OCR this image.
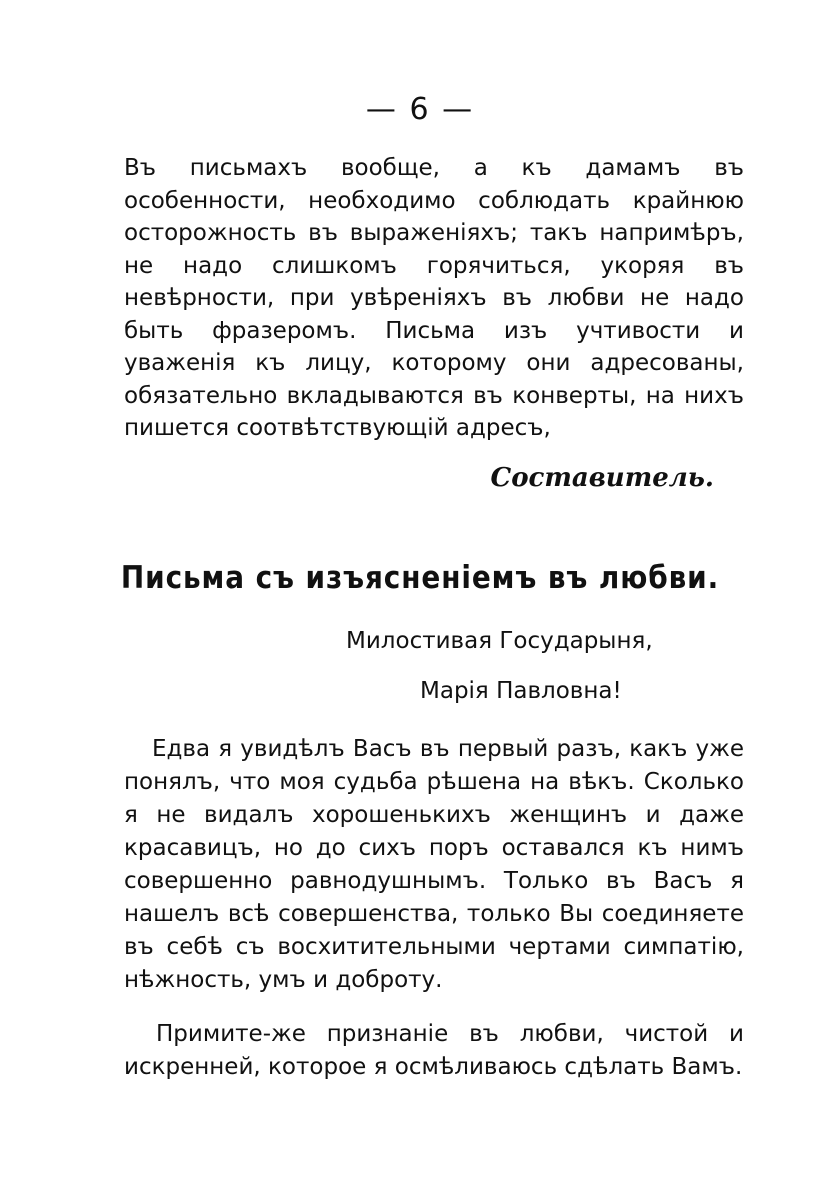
— 6 —
Въ письмахъ вообще, а къ дамамъ въ особенности, необходимо соблюдать крайнюю осторожность въ выраженіяхъ; такъ напримѣръ, не надо слишкомъ горячиться, укоряя въ невѣрности, при увѣреніяхъ въ любви не надо быть фразеромъ. Письма изъ учтивости и уваженія къ лицу, которому они адресованы, обязательно вкладываются въ конверты, на нихъ пишется соотвѣтствующій адресъ,
Составитель.
Письма съ изъясненіемъ въ любви.
Милостивая Государыня,
Марія Павловна!

Едва я увидѣлъ Васъ въ первый разъ, какъ уже понялъ, что моя судьба рѣшена на вѣкъ. Сколько я не видалъ хорошенькихъ женщинъ и даже красавицъ, но до сихъ поръ оставался къ нимъ совершенно равнодушнымъ. Только въ Васъ я нашелъ всѣ совершенства, только Вы соединяете въ себѣ съ восхитительными чертами симпатію, нѣжность, умъ и доброту.

Примите-же признаніе въ любви, чистой и искренней, которое я осмѣливаюсь сдѣлать Вамъ.
